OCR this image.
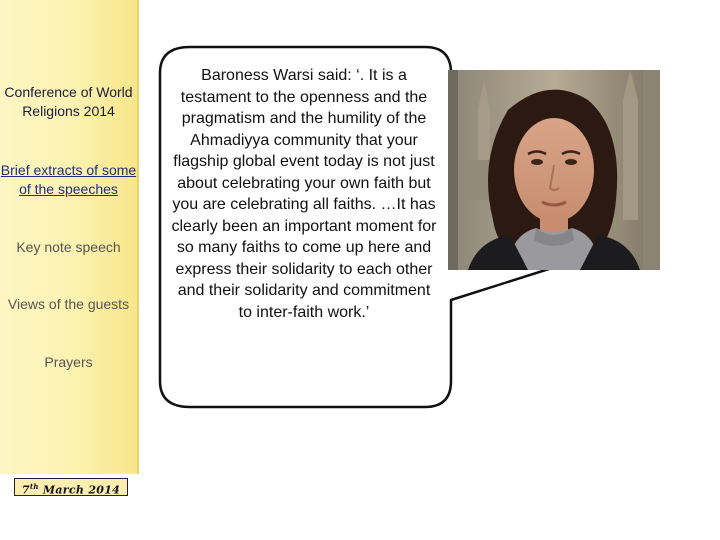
Conference of World Religions 2014
Brief extracts of some of the speeches
Key note speech
Views of the guests
Prayers
7th March 2014
Baroness Warsi said: ‘. It is a testament to the openness and the pragmatism and the humility of the Ahmadiyya community that your flagship global event today is not just about celebrating your own faith but you are celebrating all faiths. …It has clearly been an important moment for so many faiths to come up here and express their solidarity to each other and their solidarity and commitment to inter-faith work.’
